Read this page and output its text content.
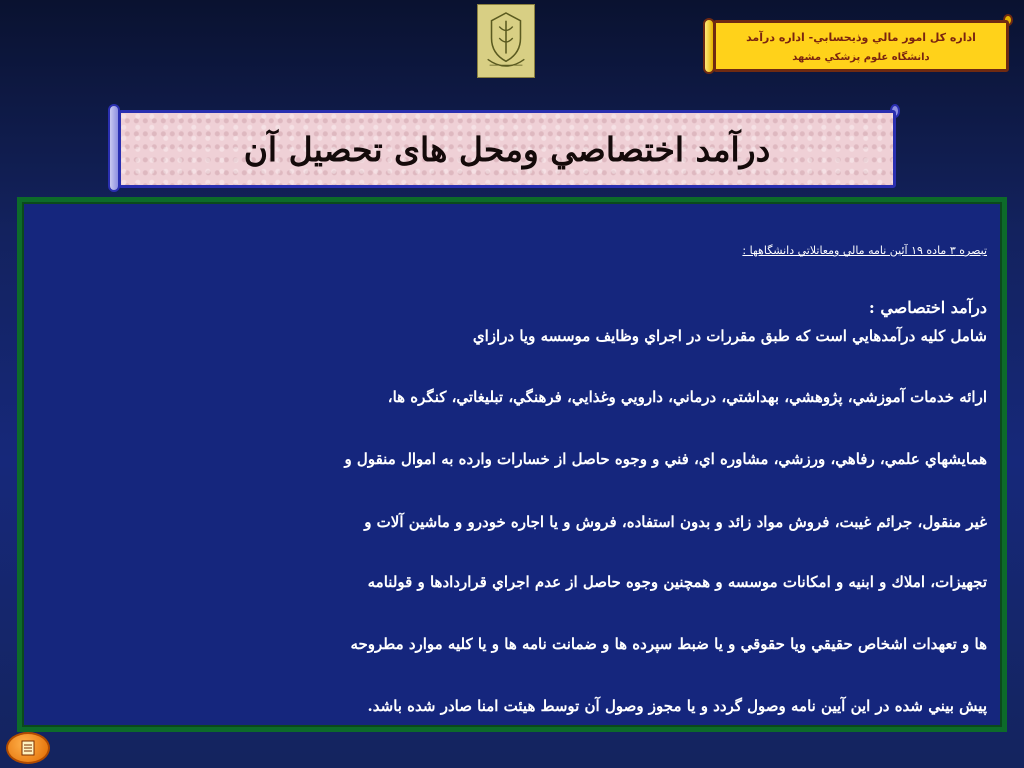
اداره كل امور مالي وذيحسابي- اداره درآمد
دانشگاه علوم پزشكي مشهد
درآمد اختصاصي ومحل های تحصیل آن
تبصره ٣ ماده ١٩ آئين نامه مالي ومعاتلاتي دانشگاهها :
درآمد اختصاصي :
شامل كليه درآمدهايي است كه طبق مقررات در اجراي وظايف موسسه ويا درازاي
ارائه خدمات آموزشي، پژوهشي، بهداشتي، درماني، دارويي وغذايي، فرهنگي، تبليغاتي، كنگره ها،
همايشهاي علمي، رفاهي، ورزشي، مشاوره اي، فني و وجوه حاصل از خسارات وارده به اموال منقول و
غير منقول، جرائم غيبت، فروش مواد زائد و بدون استفاده، فروش و يا اجاره خودرو و ماشين آلات و
تجهيزات، املاك و ابنيه و امكانات موسسه و همچنين وجوه حاصل از عدم اجراي قراردادها و قولنامه
ها و تعهدات اشخاص حقيقي ويا حقوقي و يا ضبط سپرده ها و ضمانت نامه ها و يا كليه موارد مطروحه
پيش بيني شده در اين آيين نامه وصول گردد و يا مجوز وصول آن توسط هيئت امنا صادر شده باشد.
